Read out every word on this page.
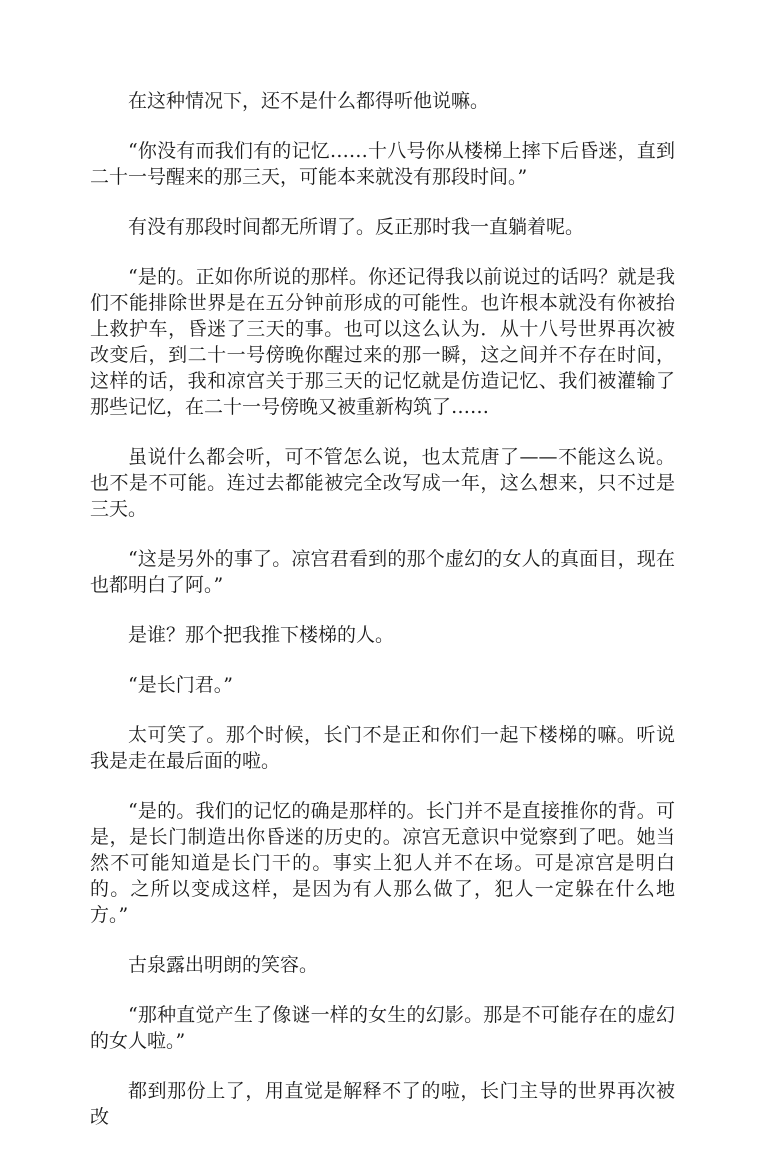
在这种情况下，还不是什么都得听他说嘛。

“你没有而我们有的记忆……十八号你从楼梯上摔下后昏迷，直到二十一号醒来的那三天，可能本来就没有那段时间。”

有没有那段时间都无所谓了。反正那时我一直躺着呢。

“是的。正如你所说的那样。你还记得我以前说过的话吗？就是我们不能排除世界是在五分钟前形成的可能性。也许根本就没有你被抬上救护车，昏迷了三天的事。也可以这么认为．从十八号世界再次被改变后，到二十一号傍晚你醒过来的那一瞬，这之间并不存在时间，这样的话，我和凉宫关于那三天的记忆就是仿造记忆、我们被灌输了那些记忆，在二十一号傍晚又被重新构筑了……

虽说什么都会听，可不管怎么说，也太荒唐了——不能这么说。也不是不可能。连过去都能被完全改写成一年，这么想来，只不过是三天。

“这是另外的事了。凉宫君看到的那个虚幻的女人的真面目，现在也都明白了阿。”

是谁？那个把我推下楼梯的人。

“是长门君。”

太可笑了。那个时候，长门不是正和你们一起下楼梯的嘛。听说我是走在最后面的啦。

“是的。我们的记忆的确是那样的。长门并不是直接推你的背。可是，是长门制造出你昏迷的历史的。凉宫无意识中觉察到了吧。她当然不可能知道是长门干的。事实上犯人并不在场。可是凉宫是明白的。之所以变成这样，是因为有人那么做了，犯人一定躲在什么地方。”

古泉露出明朗的笑容。

“那种直觉产生了像谜一样的女生的幻影。那是不可能存在的虚幻的女人啦。”

都到那份上了，用直觉是解释不了的啦，长门主导的世界再次被改
